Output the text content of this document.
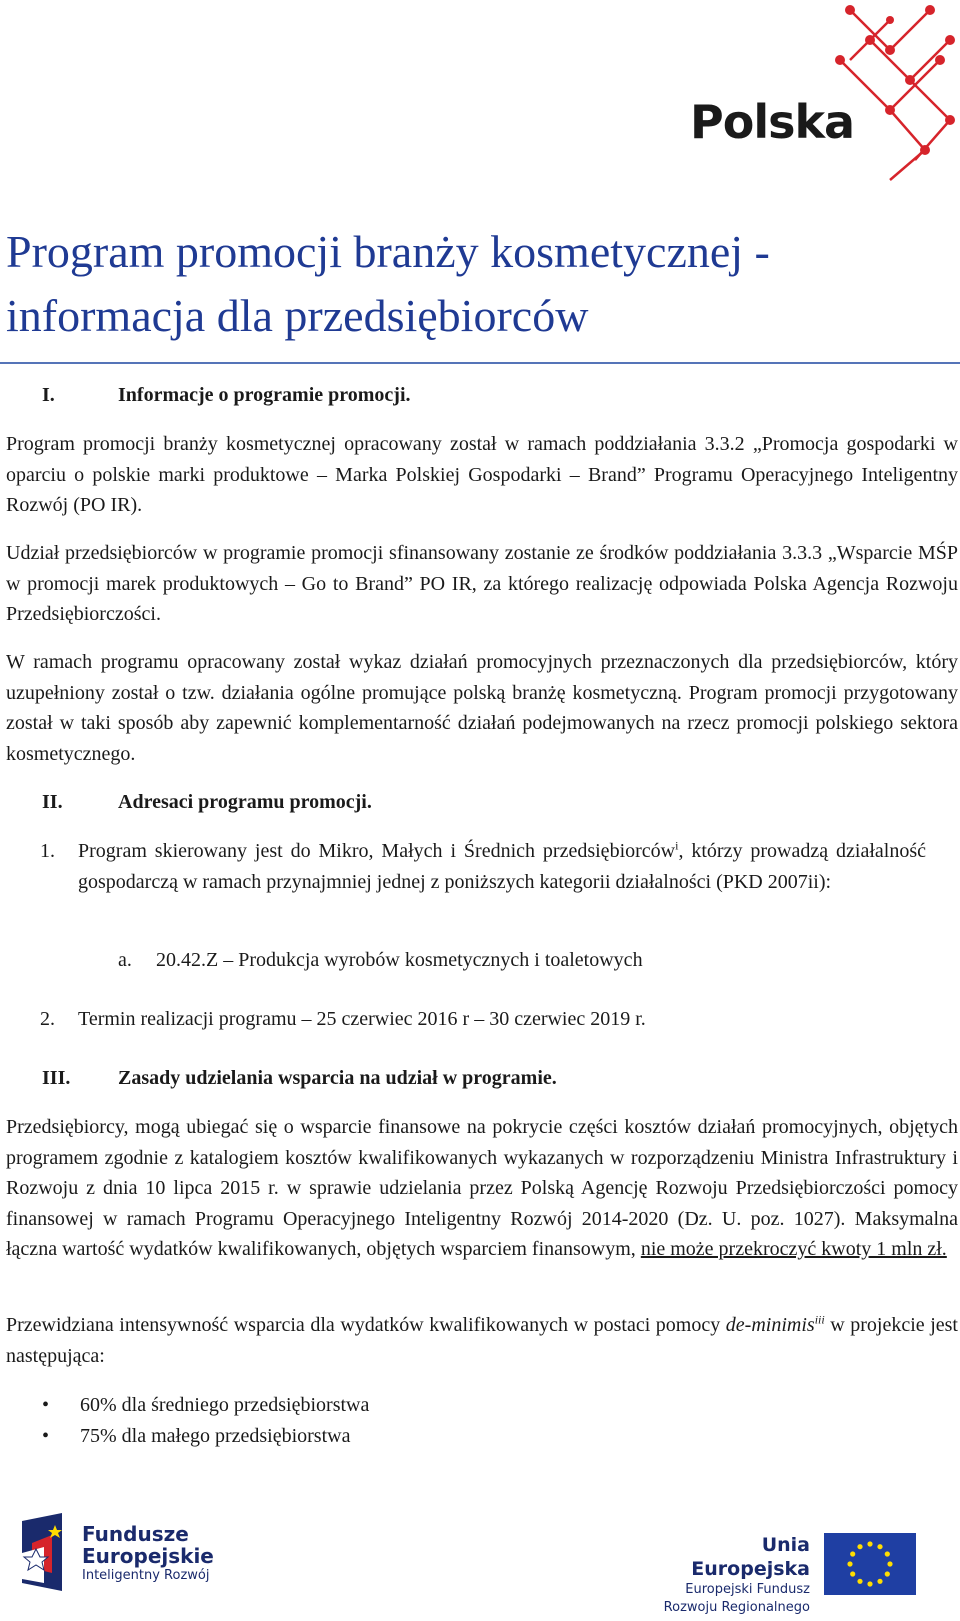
Polska
Program promocji branży kosmetycznej -
informacja dla przedsiębiorców
I.	Informacje o programie promocji.
Program promocji branży kosmetycznej opracowany został w ramach poddziałania 3.3.2 „Promocja gospodarki w oparciu o polskie marki produktowe – Marka Polskiej Gospodarki – Brand” Programu Operacyjnego Inteligentny Rozwój (PO IR).
Udział przedsiębiorców w programie promocji sfinansowany zostanie ze środków poddziałania 3.3.3 „Wsparcie MŚP w promocji marek produktowych – Go to Brand” PO IR, za którego realizację odpowiada Polska Agencja Rozwoju Przedsiębiorczości.
W ramach programu opracowany został wykaz działań promocyjnych przeznaczonych dla przedsiębiorców, który uzupełniony został o tzw. działania ogólne promujące polską branżę kosmetyczną. Program promocji przygotowany został w taki sposób aby zapewnić komplementarność działań podejmowanych na rzecz promocji polskiego sektora kosmetycznego.
II.	Adresaci programu promocji.
1. Program skierowany jest do Mikro, Małych i Średnich przedsiębiorców$^i$, którzy prowadzą działalność gospodarczą w ramach przynajmniej jednej z poniższych kategorii działalności (PKD 2007ii):
a. 20.42.Z – Produkcja wyrobów kosmetycznych i toaletowych
2. Termin realizacji programu – 25 czerwiec 2016 r – 30 czerwiec 2019 r.
III. Zasady udzielania wsparcia na udział w programie.
Przedsiębiorcy, mogą ubiegać się o wsparcie finansowe na pokrycie części kosztów działań promocyjnych, objętych programem zgodnie z katalogiem kosztów kwalifikowanych wykazanych w rozporządzeniu Ministra Infrastruktury i Rozwoju z dnia 10 lipca 2015 r. w sprawie udzielania przez Polską Agencję Rozwoju Przedsiębiorczości pomocy finansowej w ramach Programu Operacyjnego Inteligentny Rozwój 2014-2020 (Dz. U. poz. 1027). Maksymalna łączna wartość wydatków kwalifikowanych, objętych wsparciem finansowym, nie może przekroczyć kwoty 1 mln zł.
Przewidziana intensywność wsparcia dla wydatków kwalifikowanych w postaci pomocy de-minimis$^{iii}$ w projekcie jest następująca:
• 60% dla średniego przedsiębiorstwa
• 75% dla małego przedsiębiorstwa
Fundusze
Europejskie
Inteligentny Rozwój
Unia Europejska
Europejski Fundusz
Rozwoju Regionalnego
